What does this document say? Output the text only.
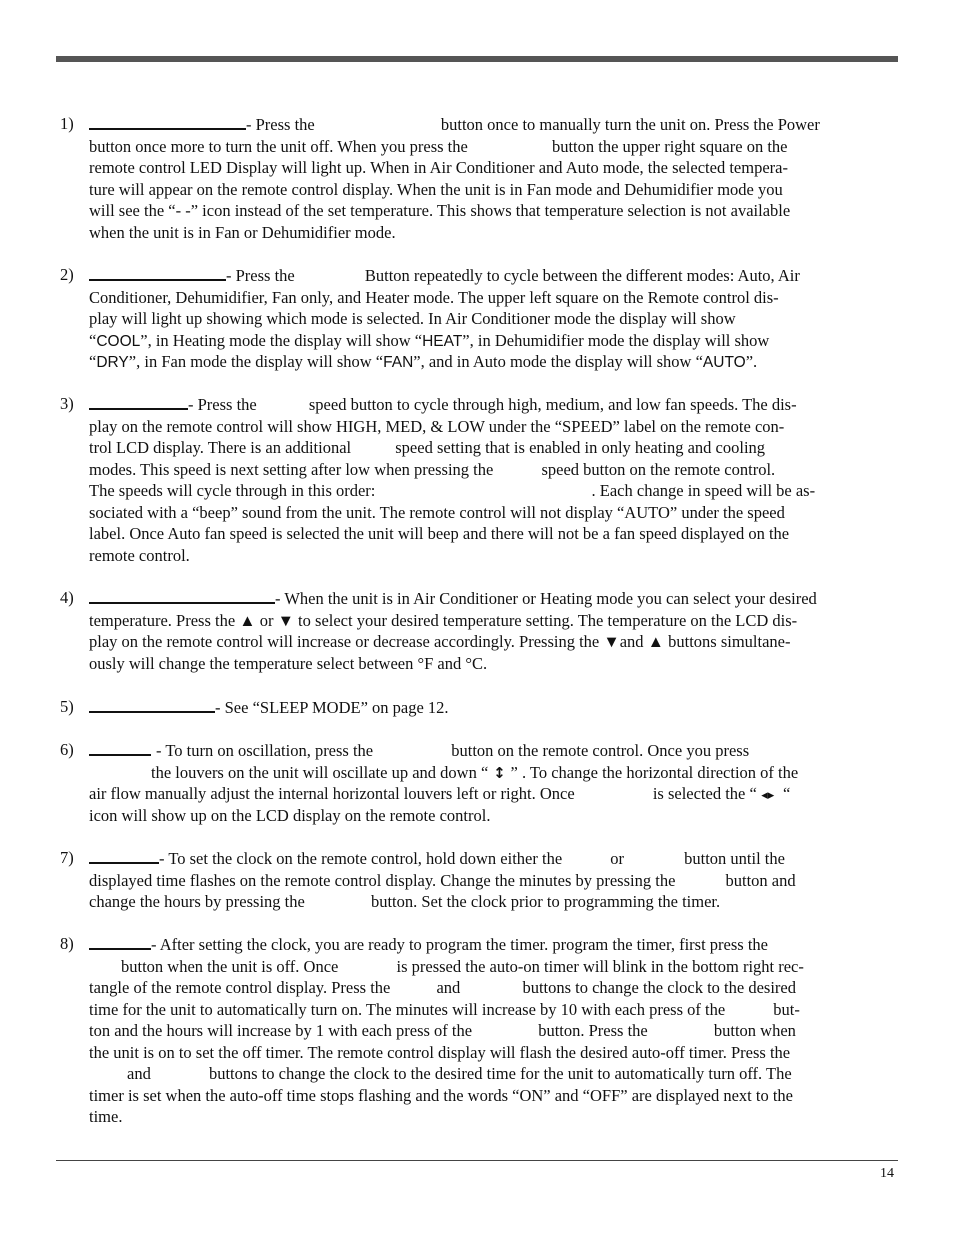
1)	- Press the	button once to manually turn the unit on. Press the Power
button once more to turn the unit off. When you press the	button the upper right square on the
remote control LED Display will light up. When in Air Conditioner and Auto mode, the selected tempera-
ture will appear on the remote control display. When the unit is in Fan mode and Dehumidifier mode you
will see the “- -” icon instead of the set temperature. This shows that temperature selection is not available
when the unit is in Fan or Dehumidifier mode.
2)	- Press the	Button repeatedly to cycle between the different modes: Auto, Air
Conditioner, Dehumidifier, Fan only, and Heater mode. The upper left square on the Remote control dis-
play will light up showing which mode is selected. In Air Conditioner mode the display will show
“COOL”, in Heating mode the display will show “HEAT”, in Dehumidifier mode the display will show
“DRY”, in Fan mode the display will show “FAN”, and in Auto mode the display will show “AUTO”.
3)	- Press the	speed button to cycle through high, medium, and low fan speeds. The dis-
play on the remote control will show HIGH, MED, & LOW under the “SPEED” label on the remote con-
trol LCD display. There is an additional speed setting that is enabled in only heating and cooling
modes. This speed is next setting after low when pressing the	speed button on the remote control.
The speeds will cycle through in this order:	. Each change in speed will be as-
sociated with a “beep” sound from the unit. The remote control will not display “AUTO” under the speed
label. Once Auto fan speed is selected the unit will beep and there will not be a fan speed displayed on the
remote control.
4)	- When the unit is in Air Conditioner or Heating mode you can select your desired
temperature. Press the ▲ or ▼ to select your desired temperature setting. The temperature on the LCD dis-
play on the remote control will increase or decrease accordingly. Pressing the ▼and ▲ buttons simultane-
ously will change the temperature select between °F and °C.
5)	- See “SLEEP MODE” on page 12.
6)	- To turn on oscillation, press the	button on the remote control. Once you press
the louvers on the unit will oscillate up and down “ ↕ ” . To change the horizontal direction of the
air flow manually adjust the internal horizontal louvers left or right. Once	is selected the “ ◂▸ “
icon will show up on the LCD display on the remote control.
7)	- To set the clock on the remote control, hold down either the	or	button until the
displayed time flashes on the remote control display. Change the minutes by pressing the	button and
change the hours by pressing the	button. Set the clock prior to programming the timer.
8)	- After setting the clock, you are ready to program the timer. program the timer, first press the
button when the unit is off. Once	is pressed the auto-on timer will blink in the bottom right rec-
tangle of the remote control display. Press the	and	buttons to change the clock to the desired
time for the unit to automatically turn on. The minutes will increase by 10 with each press of the	but-
ton and the hours will increase by 1 with each press of the	button. Press the	button when
the unit is on to set the off timer. The remote control display will flash the desired auto-off timer. Press the
and	buttons to change the clock to the desired time for the unit to automatically turn off. The
timer is set when the auto-off time stops flashing and the words “ON” and “OFF” are displayed next to the
time.
14
